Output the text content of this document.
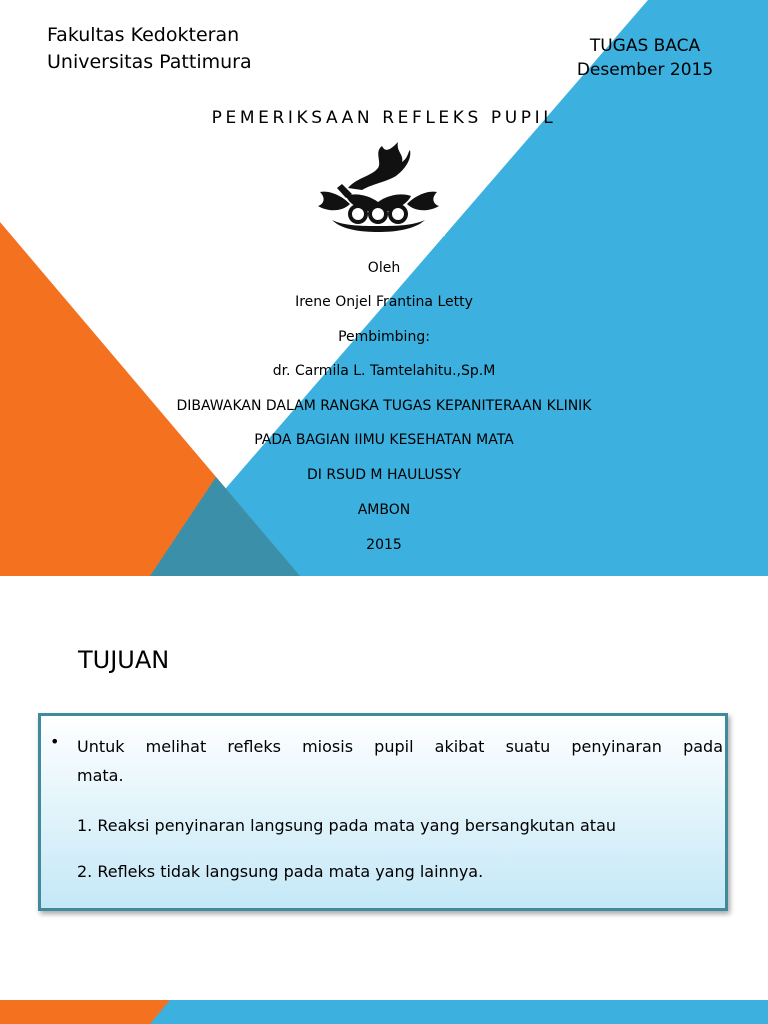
Fakultas Kedokteran
Universitas Pattimura
TUGAS BACA
Desember 2015
PEMERIKSAAN REFLEKS PUPIL
Oleh
Irene Onjel Frantina Letty
Pembimbing:
dr. Carmila L. Tamtelahitu.,Sp.M
DIBAWAKAN DALAM RANGKA TUGAS KEPANITERAAN KLINIK
PADA BAGIAN IIMU KESEHATAN MATA
DI RSUD M HAULUSSY
AMBON
2015
TUJUAN
• Untuk melihat refleks miosis pupil akibat suatu penyinaran pada
mata.
1. Reaksi penyinaran langsung pada mata yang bersangkutan atau
2. Refleks tidak langsung pada mata yang lainnya.
